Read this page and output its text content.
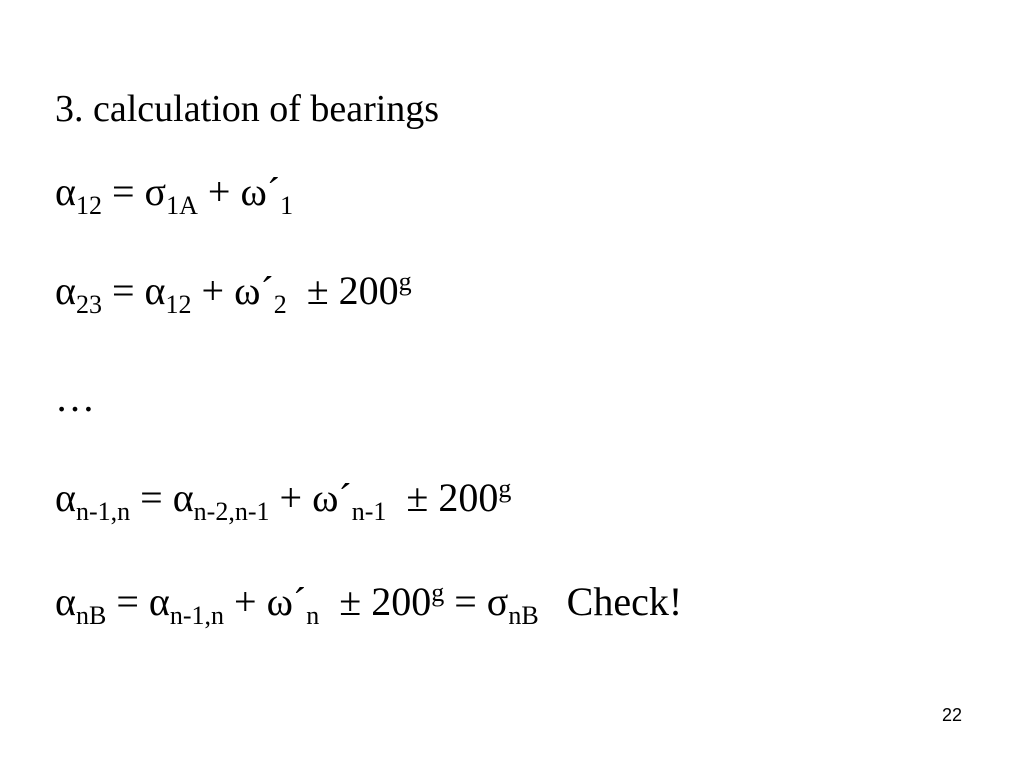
3. calculation of bearings
$\alpha_{12} = \sigma_{1A}$ + $\omega´_1$
$\alpha_{23} = \alpha_{12}$ + $\omega´_2 \pm 200^g$
…
$\alpha_{n-1,n} = \alpha_{n-2,n-1}$ + $\omega´_{n-1} \pm 200^g$
$\alpha_{nB} = \alpha_{n-1,n}$ + $\omega´_n \pm 200^g = \sigma_{nB}$ Check!
22
